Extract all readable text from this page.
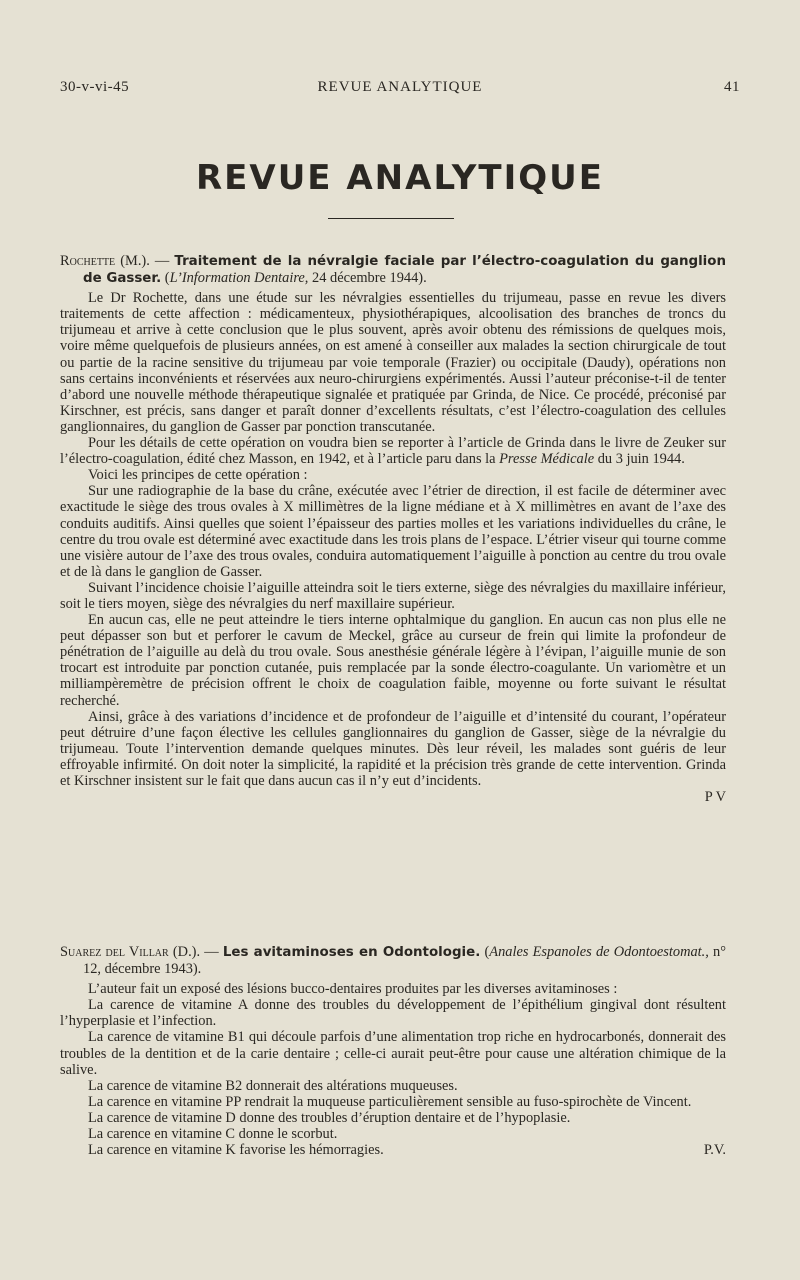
30-v-vi-45	REVUE ANALYTIQUE	41
REVUE ANALYTIQUE

Rochette (M.). — Traitement de la névralgie faciale par l’électro-coagulation du ganglion de Gasser. (L’Information Dentaire, 24 décembre 1944).

Le Dr Rochette, dans une étude sur les névralgies essentielles du trijumeau, passe en revue les divers traitements de cette affection : médicamenteux, physiothérapiques, alcoolisation des branches de troncs du trijumeau et arrive à cette conclusion que le plus souvent, après avoir obtenu des rémissions de quelques mois, voire même quelquefois de plusieurs années, on est amené à conseiller aux malades la section chirurgicale de tout ou partie de la racine sensitive du trijumeau par voie temporale (Frazier) ou occipitale (Daudy), opérations non sans certains inconvénients et réservées aux neuro-chirurgiens expérimentés. Aussi l’auteur préconise-t-il de tenter d’abord une nouvelle méthode thérapeutique signalée et pratiquée par Grinda, de Nice. Ce procédé, préconisé par Kirschner, est précis, sans danger et paraît donner d’excellents résultats, c’est l’électro-coagulation des cellules ganglionnaires, du ganglion de Gasser par ponction transcutanée.

Pour les détails de cette opération on voudra bien se reporter à l’article de Grinda dans le livre de Zeuker sur l’électro-coagulation, édité chez Masson, en 1942, et à l’article paru dans la Presse Médicale du 3 juin 1944.

Voici les principes de cette opération :

Sur une radiographie de la base du crâne, exécutée avec l’étrier de direction, il est facile de déterminer avec exactitude le siège des trous ovales à X millimètres de la ligne médiane et à X millimètres en avant de l’axe des conduits auditifs. Ainsi quelles que soient l’épaisseur des parties molles et les variations individuelles du crâne, le centre du trou ovale est déterminé avec exactitude dans les trois plans de l’espace. L’étrier viseur qui tourne comme une visière autour de l’axe des trous ovales, conduira automatiquement l’aiguille à ponction au centre du trou ovale et de là dans le ganglion de Gasser.

Suivant l’incidence choisie l’aiguille atteindra soit le tiers externe, siège des névralgies du maxillaire inférieur, soit le tiers moyen, siège des névralgies du nerf maxillaire supérieur.

En aucun cas, elle ne peut atteindre le tiers interne ophtalmique du ganglion. En aucun cas non plus elle ne peut dépasser son but et perforer le cavum de Meckel, grâce au curseur de frein qui limite la profondeur de pénétration de l’aiguille au delà du trou ovale. Sous anesthésie générale légère à l’évipan, l’aiguille munie de son trocart est introduite par ponction cutanée, puis remplacée par la sonde électro-coagulante. Un variomètre et un milliampèremètre de précision offrent le choix de coagulation faible, moyenne ou forte suivant le résultat recherché.

Ainsi, grâce à des variations d’incidence et de profondeur de l’aiguille et d’intensité du courant, l’opérateur peut détruire d’une façon élective les cellules ganglionnaires du ganglion de Gasser, siège de la névralgie du trijumeau. Toute l’intervention demande quelques minutes. Dès leur réveil, les malades sont guéris de leur effroyable infirmité. On doit noter la simplicité, la rapidité et la précision très grande de cette intervention. Grinda et Kirschner insistent sur le fait que dans aucun cas il n’y eut d’incidents.

P V

Suarez del Villar (D.). — Les avitaminoses en Odontologie. (Anales Espanoles de Odontoestomat., n° 12, décembre 1943).

L’auteur fait un exposé des lésions bucco-dentaires produites par les diverses avitaminoses :

La carence de vitamine A donne des troubles du développement de l’épithélium gingival dont résultent l’hyperplasie et l’infection.

La carence de vitamine B1 qui découle parfois d’une alimentation trop riche en hydrocarbonés, donnerait des troubles de la dentition et de la carie dentaire ; celle-ci aurait peut-être pour cause une altération chimique de la salive.

La carence de vitamine B2 donnerait des altérations muqueuses.

La carence en vitamine PP rendrait la muqueuse particulièrement sensible au fuso-spirochète de Vincent.

La carence de vitamine D donne des troubles d’éruption dentaire et de l’hypoplasie.

La carence en vitamine C donne le scorbut.

La carence en vitamine K favorise les hémorragies.	P.V.
